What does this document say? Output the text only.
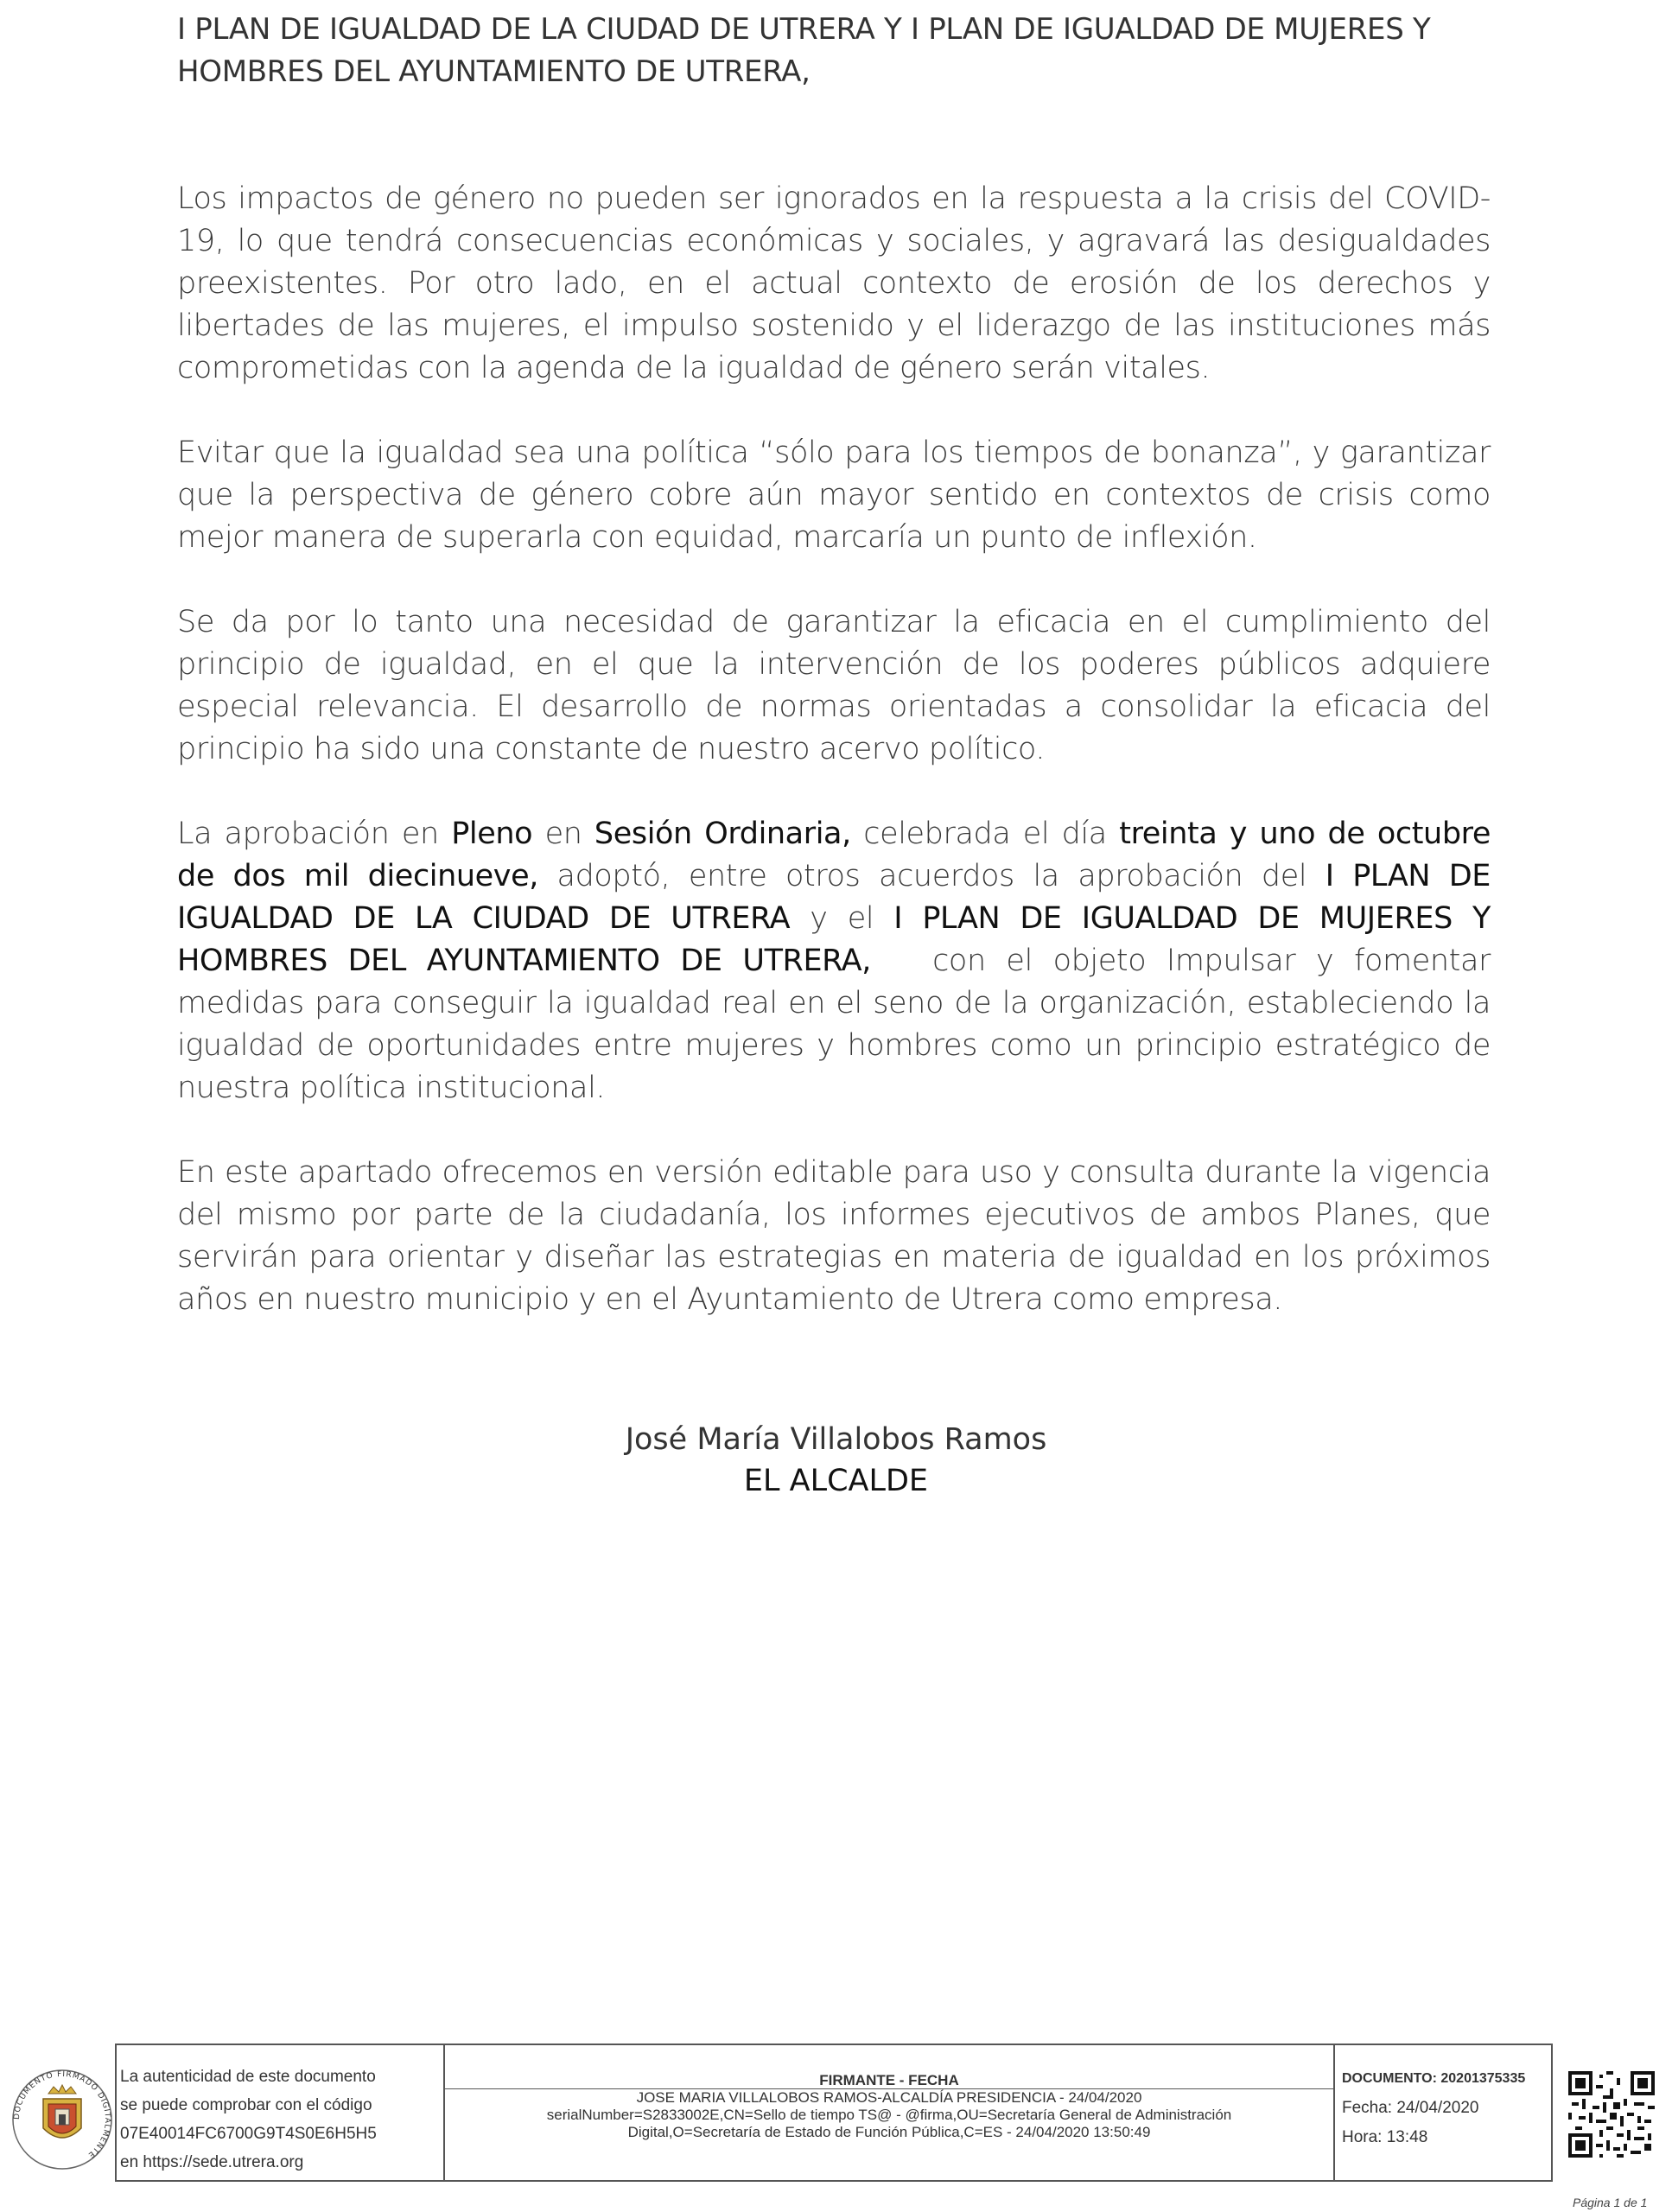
I PLAN DE IGUALDAD DE LA CIUDAD DE UTRERA Y I PLAN DE IGUALDAD DE MUJERES Y HOMBRES DEL AYUNTAMIENTO DE UTRERA,

Los impactos de género no pueden ser ignorados en la respuesta a la crisis del COVID-19, lo que tendrá consecuencias económicas y sociales, y agravará las desigualdades preexistentes. Por otro lado, en el actual contexto de erosión de los derechos y libertades de las mujeres, el impulso sostenido y el liderazgo de las instituciones más comprometidas con la agenda de la igualdad de género serán vitales.

Evitar que la igualdad sea una política “sólo para los tiempos de bonanza”, y garantizar que la perspectiva de género cobre aún mayor sentido en contextos de crisis como mejor manera de superarla con equidad, marcaría un punto de inflexión.

Se da por lo tanto una necesidad de garantizar la eficacia en el cumplimiento del principio de igualdad, en el que la intervención de los poderes públicos adquiere especial relevancia. El desarrollo de normas orientadas a consolidar la eficacia del principio ha sido una constante de nuestro acervo político.

La aprobación en Pleno en Sesión Ordinaria, celebrada el día treinta y uno de octubre de dos mil diecinueve, adoptó, entre otros acuerdos la aprobación del I PLAN DE IGUALDAD DE LA CIUDAD DE UTRERA y el I PLAN DE IGUALDAD DE MUJERES Y HOMBRES DEL AYUNTAMIENTO DE UTRERA,   con el objeto Impulsar y fomentar medidas para conseguir la igualdad real en el seno de la organización, estableciendo la igualdad de oportunidades entre mujeres y hombres como un principio estratégico de nuestra política institucional.

En este apartado ofrecemos en versión editable para uso y consulta durante la vigencia del mismo por parte de la ciudadanía, los informes ejecutivos de ambos Planes, que servirán para orientar y diseñar las estrategias en materia de igualdad en los próximos años en nuestro municipio y en el Ayuntamiento de Utrera como empresa.

José María Villalobos Ramos
EL ALCALDE
DOCUMENTO FIRMADO DIGITALMENTE
La autenticidad de este documento
se puede comprobar con el código
07E40014FC6700G9T4S0E6H5H5
en https://sede.utrera.org
FIRMANTE - FECHA
JOSE MARIA VILLALOBOS RAMOS-ALCALDÍA PRESIDENCIA - 24/04/2020
serialNumber=S2833002E,CN=Sello de tiempo TS@ - @firma,OU=Secretaría General de Administración
Digital,O=Secretaría de Estado de Función Pública,C=ES - 24/04/2020 13:50:49
DOCUMENTO: 20201375335
Fecha: 24/04/2020
Hora: 13:48
Página 1 de 1
